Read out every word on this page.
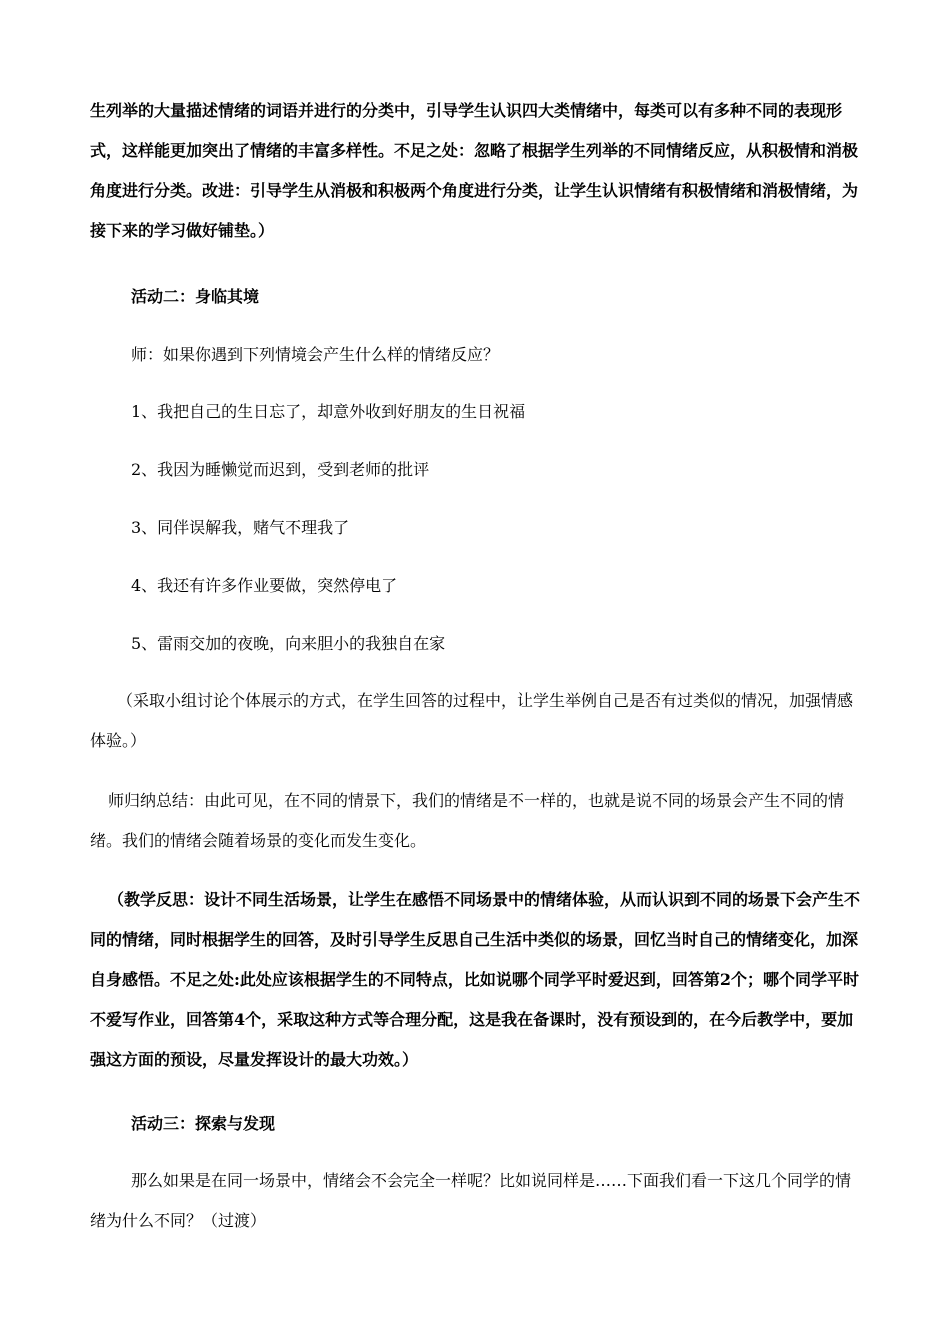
生列举的大量描述情绪的词语并进行的分类中，引导学生认识四大类情绪中，每类可以有多种不同的表现形式，这样能更加突出了情绪的丰富多样性。不足之处：忽略了根据学生列举的不同情绪反应，从积极情和消极角度进行分类。改进：引导学生从消极和积极两个角度进行分类，让学生认识情绪有积极情绪和消极情绪，为接下来的学习做好铺垫。）

活动二：身临其境

师：如果你遇到下列情境会产生什么样的情绪反应？

1、我把自己的生日忘了，却意外收到好朋友的生日祝福

2、我因为睡懒觉而迟到，受到老师的批评

3、同伴误解我，赌气不理我了

4、我还有许多作业要做，突然停电了

5、雷雨交加的夜晚，向来胆小的我独自在家

（采取小组讨论个体展示的方式，在学生回答的过程中，让学生举例自己是否有过类似的情况，加强情感体验。）

师归纳总结：由此可见，在不同的情景下，我们的情绪是不一样的，也就是说不同的场景会产生不同的情绪。我们的情绪会随着场景的变化而发生变化。

（教学反思：设计不同生活场景，让学生在感悟不同场景中的情绪体验，从而认识到不同的场景下会产生不同的情绪，同时根据学生的回答，及时引导学生反思自己生活中类似的场景，回忆当时自己的情绪变化，加深自身感悟。不足之处:此处应该根据学生的不同特点，比如说哪个同学平时爱迟到，回答第2个；哪个同学平时不爱写作业，回答第4个，采取这种方式等合理分配，这是我在备课时，没有预设到的，在今后教学中，要加强这方面的预设，尽量发挥设计的最大功效。）

活动三：探索与发现

那么如果是在同一场景中，情绪会不会完全一样呢？比如说同样是……下面我们看一下这几个同学的情绪为什么不同？（过渡）
